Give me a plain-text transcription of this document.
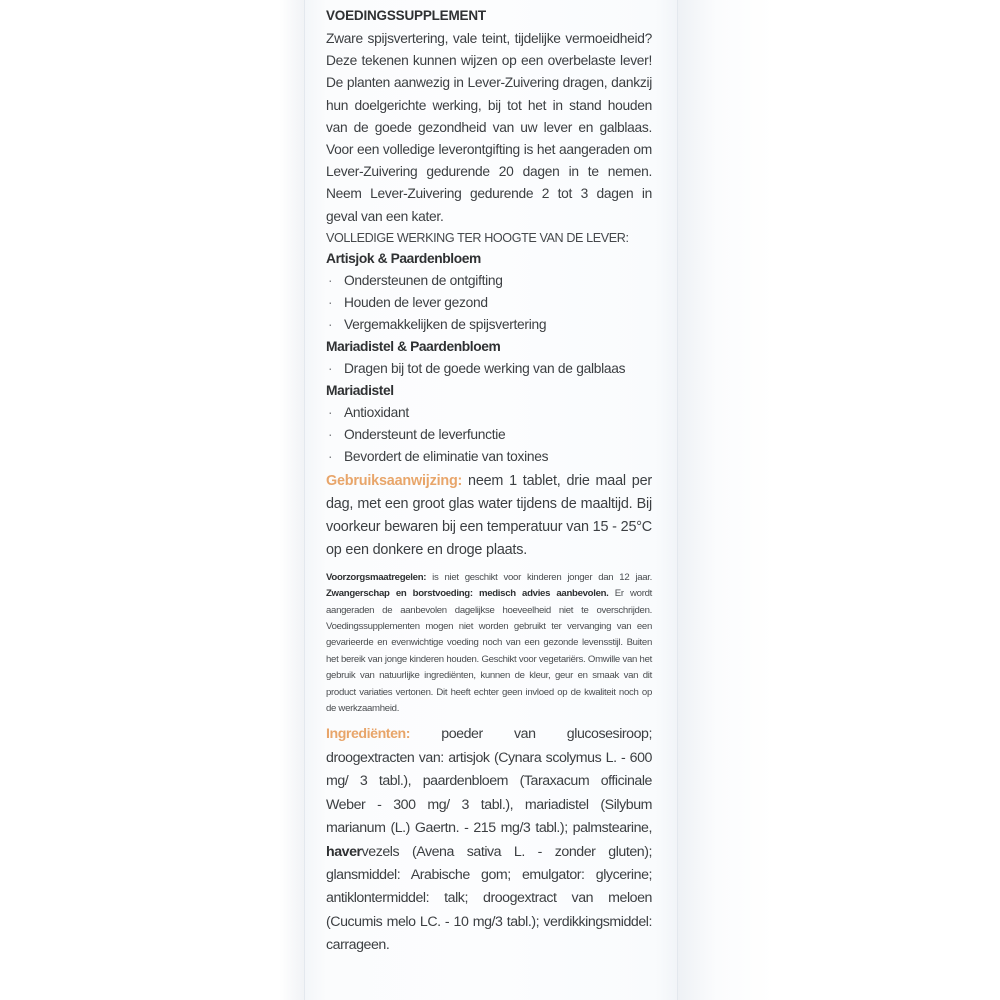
VOEDINGSSUPPLEMENT
Zware spijsvertering, vale teint, tijdelijke vermoeidheid? Deze tekenen kunnen wijzen op een overbelaste lever! De planten aanwezig in Lever-Zuivering dragen, dankzij hun doelgerichte werking, bij tot het in stand houden van de goede gezondheid van uw lever en galblaas. Voor een volledige leverontgifting is het aangeraden om Lever-Zuivering gedurende 20 dagen in te nemen. Neem Lever-Zuivering gedurende 2 tot 3 dagen in geval van een kater.
VOLLEDIGE WERKING TER HOOGTE VAN DE LEVER:
Artisjok & Paardenbloem
· Ondersteunen de ontgifting
· Houden de lever gezond
· Vergemakkelijken de spijsvertering
Mariadistel & Paardenbloem
· Dragen bij tot de goede werking van de galblaas
Mariadistel
· Antioxidant
· Ondersteunt de leverfunctie
· Bevordert de eliminatie van toxines
Gebruiksaanwijzing: neem 1 tablet, drie maal per dag, met een groot glas water tijdens de maaltijd. Bij voorkeur bewaren bij een temperatuur van 15 - 25°C op een donkere en droge plaats.
Voorzorgsmaatregelen: is niet geschikt voor kinderen jonger dan 12 jaar. Zwangerschap en borstvoeding: medisch advies aanbevolen. Er wordt aangeraden de aanbevolen dagelijkse hoeveelheid niet te overschrijden. Voedingssupplementen mogen niet worden gebruikt ter vervanging van een gevarieerde en evenwichtige voeding noch van een gezonde levensstijl. Buiten het bereik van jonge kinderen houden. Geschikt voor vegetariërs. Omwille van het gebruik van natuurlijke ingrediënten, kunnen de kleur, geur en smaak van dit product variaties vertonen. Dit heeft echter geen invloed op de kwaliteit noch op de werkzaamheid.
Ingrediënten: poeder van glucosesiroop; droogextracten van: artisjok (Cynara scolymus L. - 600 mg/ 3 tabl.), paardenbloem (Taraxacum officinale Weber - 300 mg/ 3 tabl.), mariadistel (Silybum marianum (L.) Gaertn. - 215 mg/3 tabl.); palmstearine, havervezels (Avena sativa L. - zonder gluten); glansmiddel: Arabische gom; emulgator: glycerine; antiklontermiddel: talk; droogextract van meloen (Cucumis melo LC. - 10 mg/3 tabl.); verdikkingsmiddel: carrageen.
